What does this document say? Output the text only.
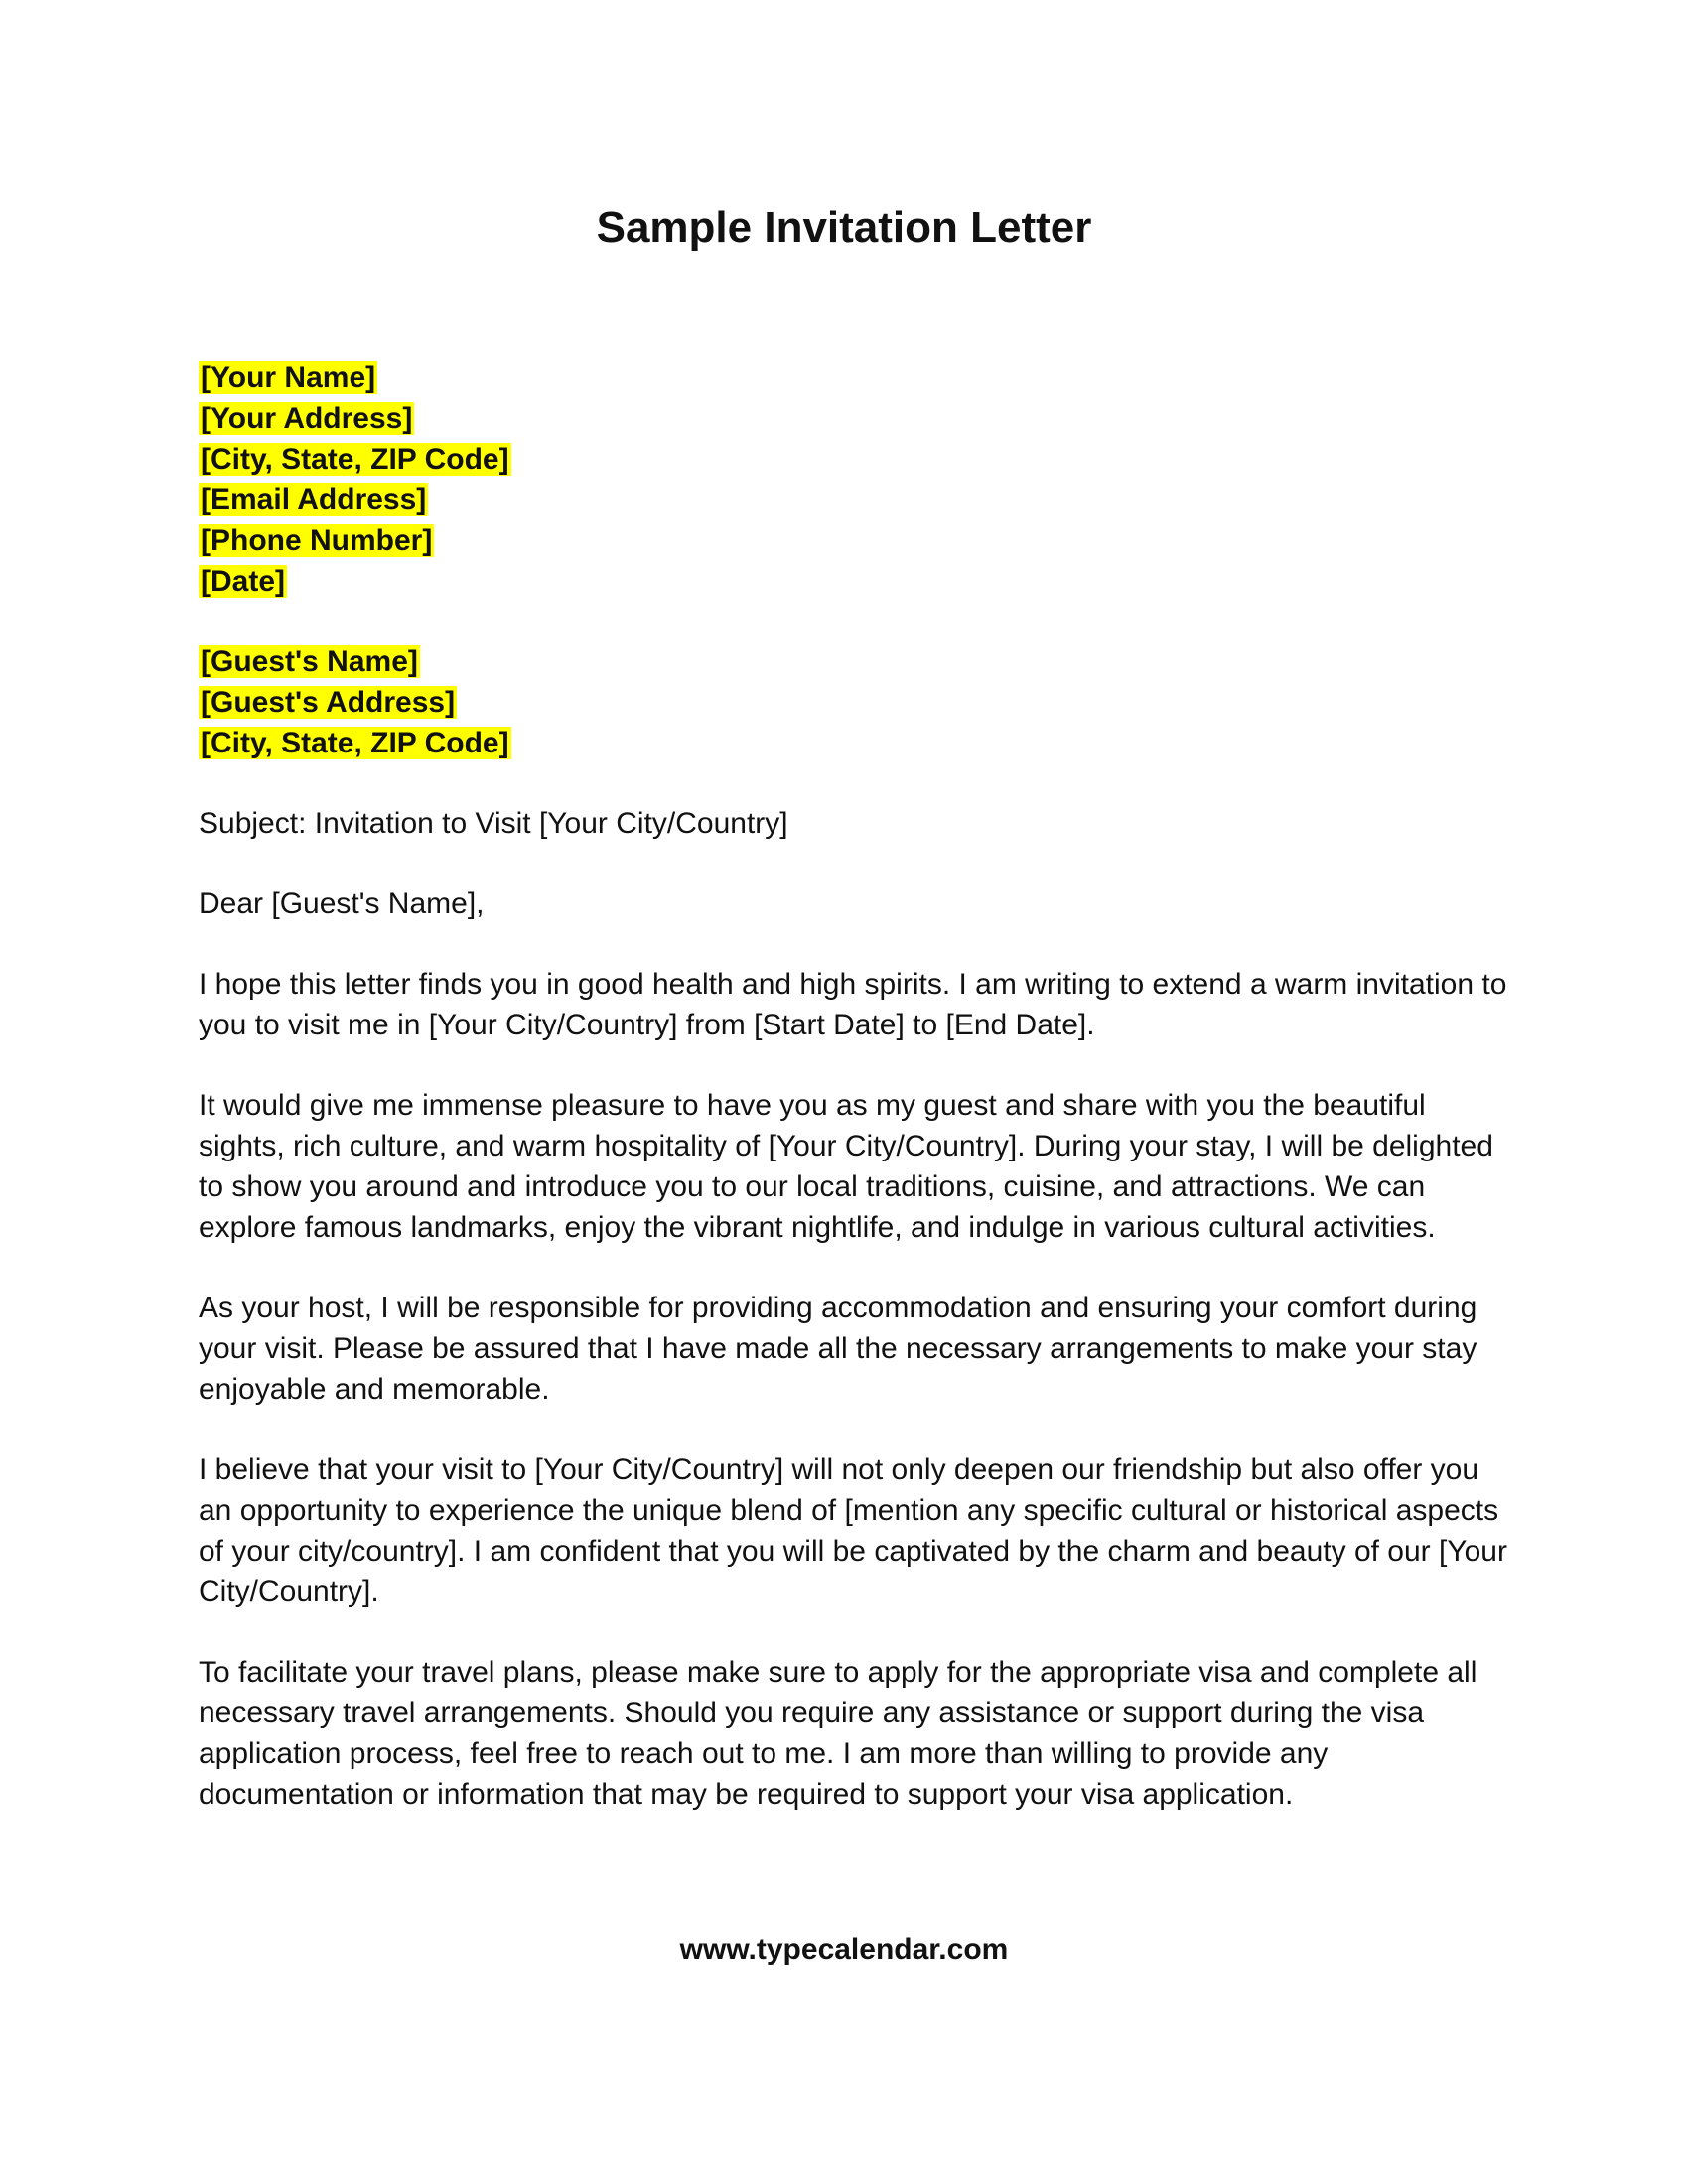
Sample Invitation Letter
[Your Name]
[Your Address]
[City, State, ZIP Code]
[Email Address]
[Phone Number]
[Date]
[Guest's Name]
[Guest's Address]
[City, State, ZIP Code]

Subject: Invitation to Visit [Your City/Country]

Dear [Guest's Name],

I hope this letter finds you in good health and high spirits. I am writing to extend a warm invitation to you to visit me in [Your City/Country] from [Start Date] to [End Date].

It would give me immense pleasure to have you as my guest and share with you the beautiful sights, rich culture, and warm hospitality of [Your City/Country]. During your stay, I will be delighted to show you around and introduce you to our local traditions, cuisine, and attractions. We can explore famous landmarks, enjoy the vibrant nightlife, and indulge in various cultural activities.

As your host, I will be responsible for providing accommodation and ensuring your comfort during your visit. Please be assured that I have made all the necessary arrangements to make your stay enjoyable and memorable.

I believe that your visit to [Your City/Country] will not only deepen our friendship but also offer you an opportunity to experience the unique blend of [mention any specific cultural or historical aspects of your city/country]. I am confident that you will be captivated by the charm and beauty of our [Your City/Country].

To facilitate your travel plans, please make sure to apply for the appropriate visa and complete all necessary travel arrangements. Should you require any assistance or support during the visa application process, feel free to reach out to me. I am more than willing to provide any documentation or information that may be required to support your visa application.

www.typecalendar.com
